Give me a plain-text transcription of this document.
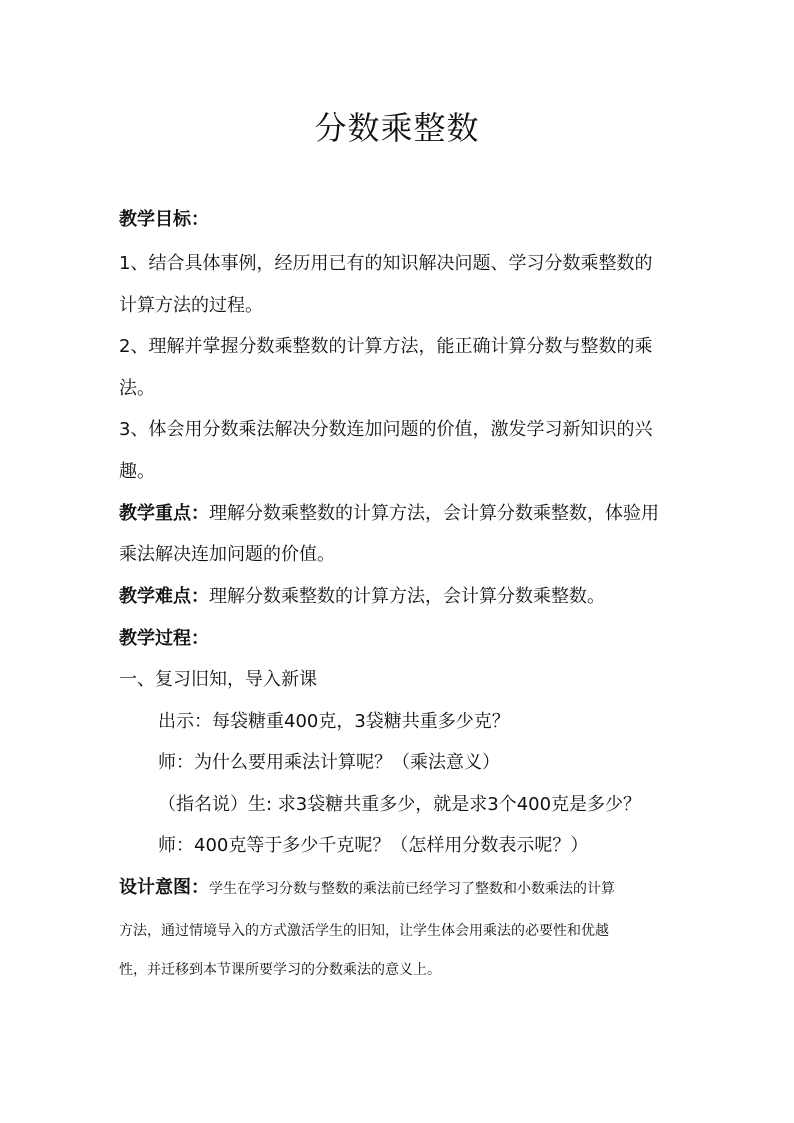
分数乘整数
教学目标：
1、结合具体事例，经历用已有的知识解决问题、学习分数乘整数的
计算方法的过程。
2、理解并掌握分数乘整数的计算方法，能正确计算分数与整数的乘
法。
3、体会用分数乘法解决分数连加问题的价值，激发学习新知识的兴
趣。
教学重点：理解分数乘整数的计算方法，会计算分数乘整数，体验用
乘法解决连加问题的价值。
教学难点：理解分数乘整数的计算方法，会计算分数乘整数。
教学过程：
一、复习旧知，导入新课
出示：每袋糖重400克，3袋糖共重多少克？
师：为什么要用乘法计算呢？（乘法意义）
（指名说）生: 求3袋糖共重多少，就是求3个400克是多少？
师：400克等于多少千克呢？（怎样用分数表示呢？）
设计意图：学生在学习分数与整数的乘法前已经学习了整数和小数乘法的计算
方法，通过情境导入的方式激活学生的旧知，让学生体会用乘法的必要性和优越
性，并迁移到本节课所要学习的分数乘法的意义上。
